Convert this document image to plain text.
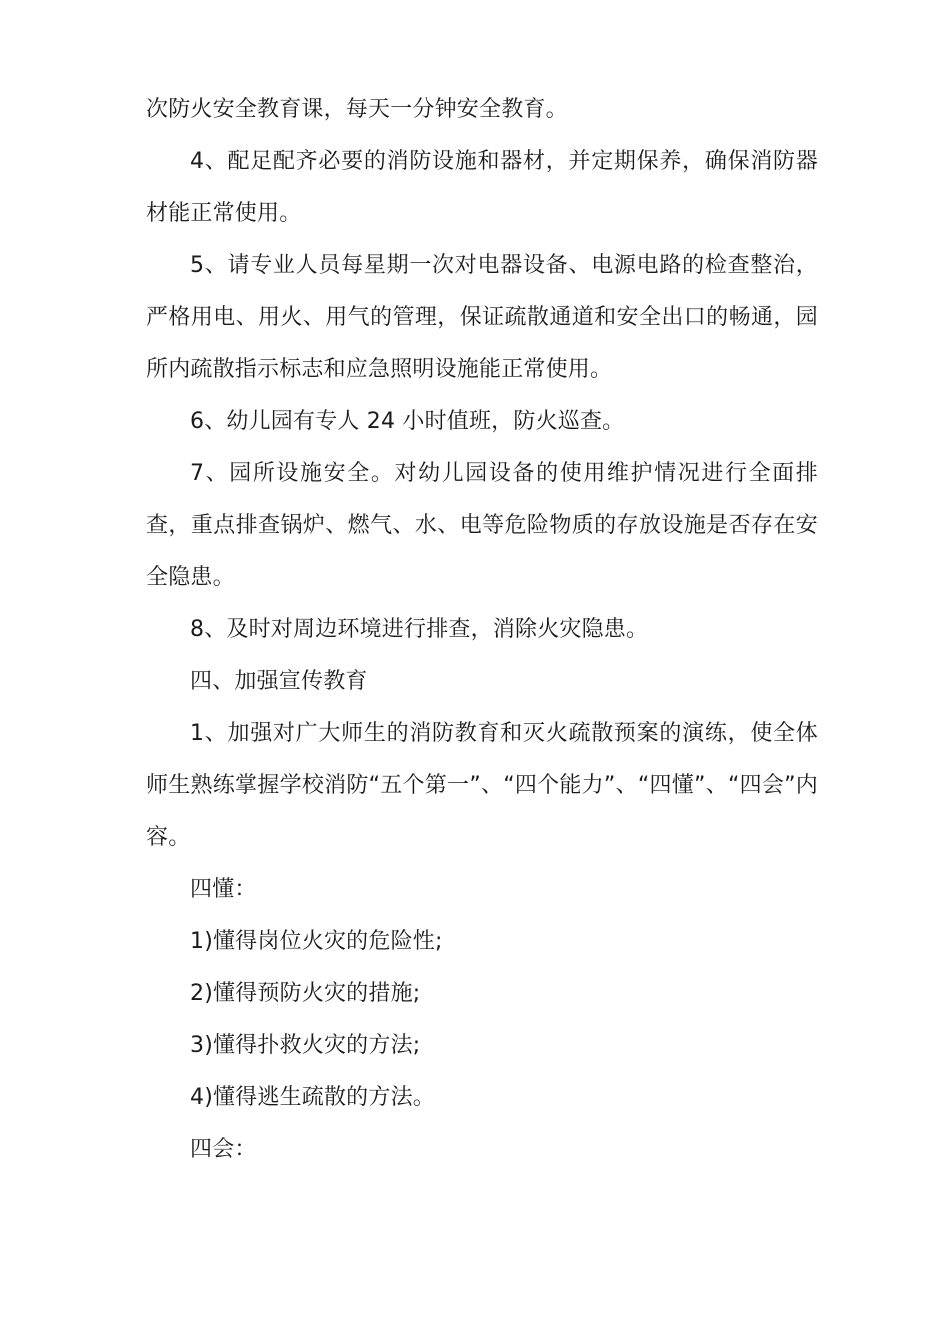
次防火安全教育课，每天一分钟安全教育。

4、配足配齐必要的消防设施和器材，并定期保养，确保消防器材能正常使用。

5、请专业人员每星期一次对电器设备、电源电路的检查整治，严格用电、用火、用气的管理，保证疏散通道和安全出口的畅通，园所内疏散指示标志和应急照明设施能正常使用。

6、幼儿园有专人 24 小时值班，防火巡查。

7、园所设施安全。对幼儿园设备的使用维护情况进行全面排查，重点排查锅炉、燃气、水、电等危险物质的存放设施是否存在安全隐患。

8、及时对周边环境进行排查，消除火灾隐患。

四、加强宣传教育

1、加强对广大师生的消防教育和灭火疏散预案的演练，使全体师生熟练掌握学校消防“五个第一”、“四个能力”、“四懂”、“四会”内容。

四懂：

1)懂得岗位火灾的危险性;

2)懂得预防火灾的措施;

3)懂得扑救火灾的方法;

4)懂得逃生疏散的方法。

四会：
